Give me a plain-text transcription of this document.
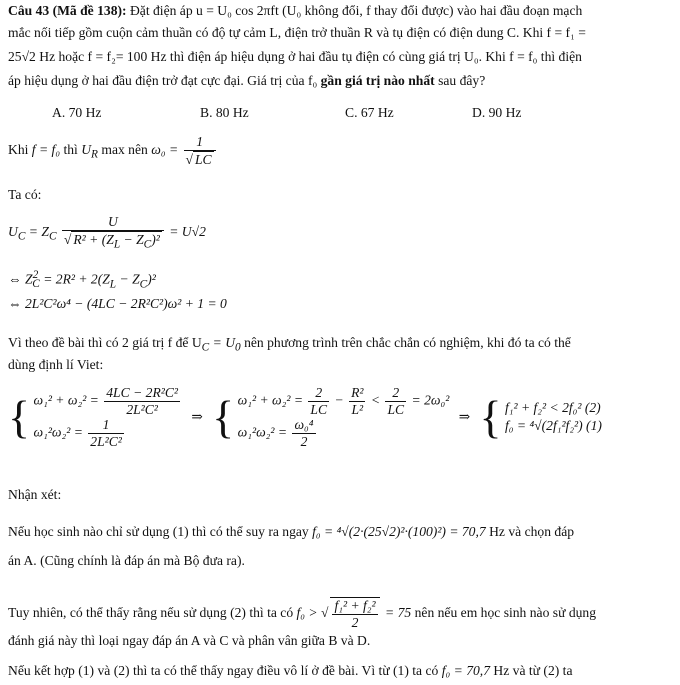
Câu 43 (Mã đề 138): Đặt điện áp u = U₀ cos 2πft (U₀ không đổi, f thay đổi được) vào hai đầu đoạn mạch
mắc nối tiếp gồm cuộn cảm thuần có độ tự cảm L, điện trở thuần R và tụ điện có điện dung C. Khi f = f₁ =
25√2 Hz hoặc f = f₂= 100 Hz thì điện áp hiệu dụng ở hai đầu tụ điện có cùng giá trị U₀. Khi f = f₀ thì điện
áp hiệu dụng ở hai đầu điện trở đạt cực đại. Giá trị của f₀ gần giá trị nào nhất sau đây?
A. 70 Hz	B. 80 Hz	C. 67 Hz	D. 90 Hz
Khi f = f₀ thì $U_R$ max nên $\omega_0 = \frac{1}{√ LC}$
Ta có:
$U_C = Z_C \frac{U}{√ R^2 + (Z_L - Z_C)^2} = U√2$
⇔ $Z^2_C = 2R^2 + 2(Z_L - Z_C)^2$
⇔ 2L²C²ω⁴ − (4LC − 2R²C²)ω² + 1 = 0
Vì theo đề bài thì có 2 giá trị f để $U_C = U_0$ nên phương trình trên chắc chắn có nghiệm, khi đó ta có thể
dùng định lí Viet:
{ $\omega_1^2 + \omega_2^2 = \frac{\text{4LC − 2R²C²}}{\text{2L²C²}}$
$\omega_1^2\omega_2^2 = \frac{1}{\text{2L²C²}}$
⇒ { $\omega_1^2 + \omega_2^2 = \frac{2}{LC} - \frac{\text{R²}}{\text{L²}} < \frac{2}{LC} = 2\omega_0^2$
$\omega_1^2\omega_2^2 = \frac{\text{ω₀⁴}}{2}$
⇒ { f₁² + f₂² < 2f₀² (2)
f₀ = ⁴√(2f₁²f₂²) (1)
Nhận xét:
Nếu học sinh nào chỉ sử dụng (1) thì có thể suy ra ngay f₀ = ⁴√(2·(25√2)²·(100)²) = 70,7 Hz và chọn đáp
án A. (Cũng chính là đáp án mà Bộ đưa ra).
Tuy nhiên, có thể thấy rằng nếu sử dụng (2) thì ta có f₀ > √ $\frac{\text{f₁² + f₂²}}{2} = 75$ nên nếu em học sinh nào sử dụng
đánh giá này thì loại ngay đáp án A và C và phân vân giữa B và D.
Nếu kết hợp (1) và (2) thì ta có thể thấy ngay điều vô lí ở đề bài. Vì từ (1) ta có f₀ = 70,7 Hz và từ (2) ta
